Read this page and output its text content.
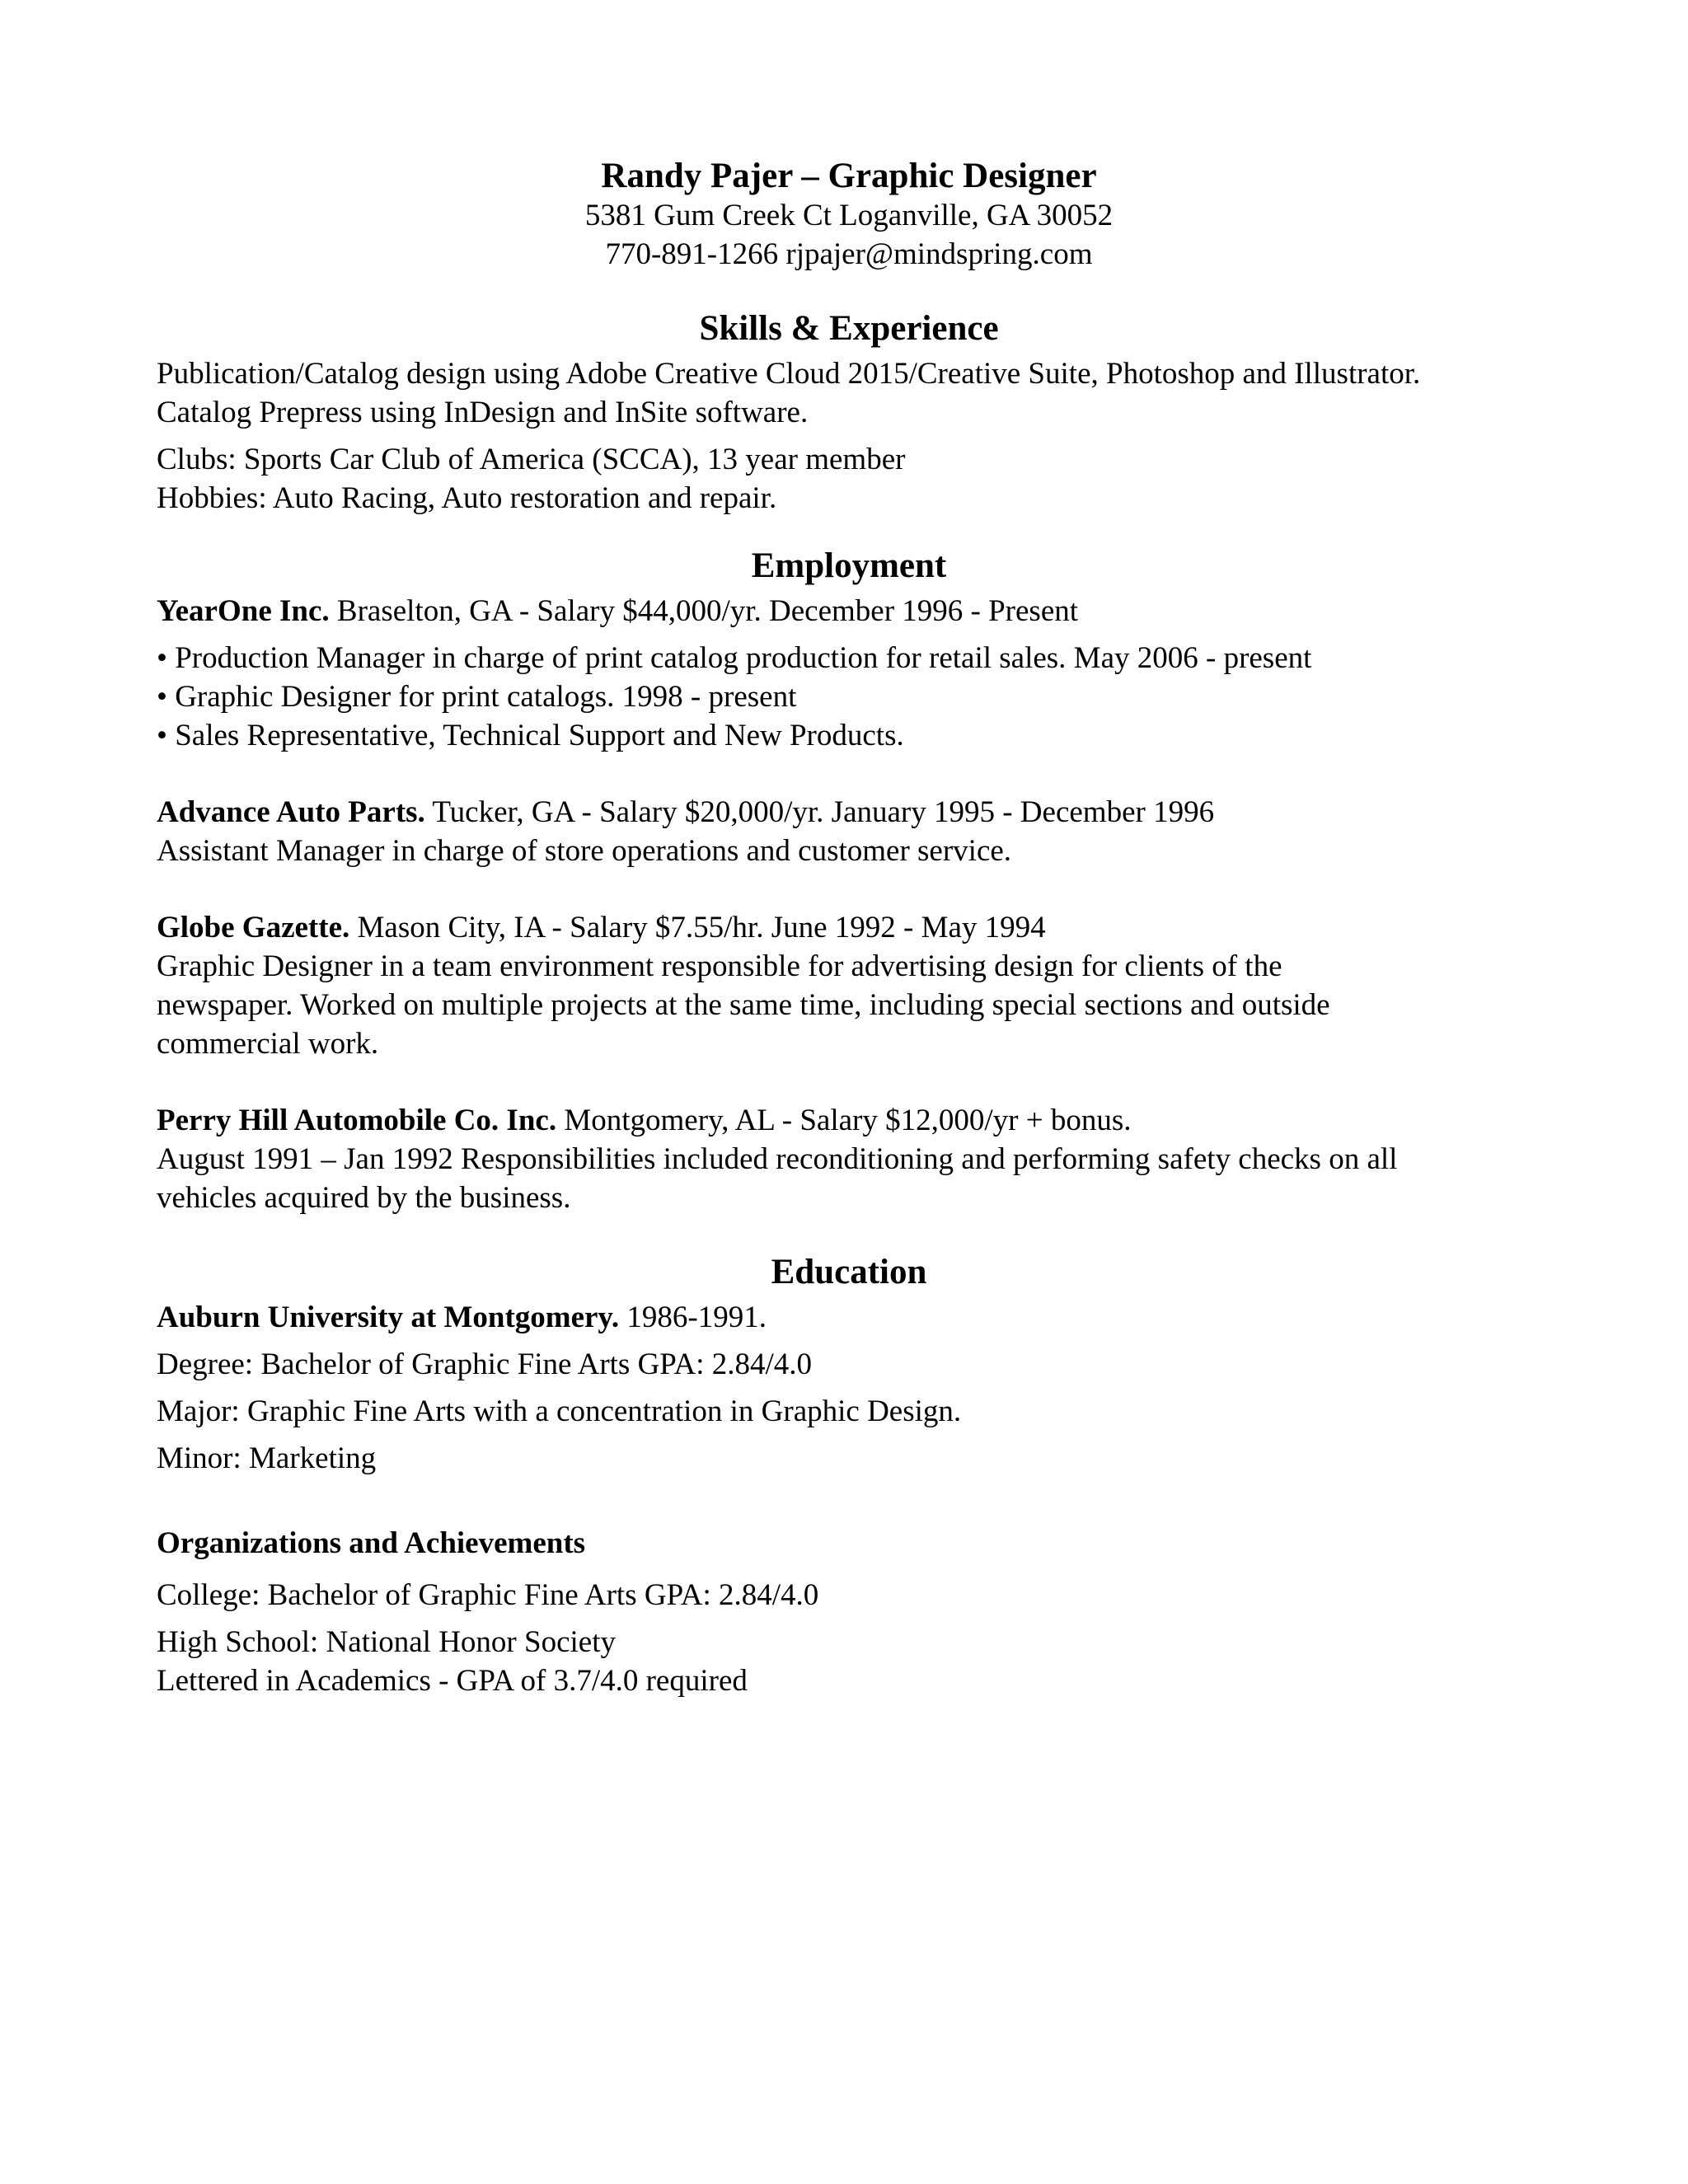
Randy Pajer – Graphic Designer

5381 Gum Creek Ct Loganville, GA 30052

770-891-1266 rjpajer@mindspring.com

Skills & Experience

Publication/Catalog design using Adobe Creative Cloud 2015/Creative Suite, Photoshop and Illustrator.

Catalog Prepress using InDesign and InSite software.

Clubs: Sports Car Club of America (SCCA), 13 year member

Hobbies: Auto Racing, Auto restoration and repair.

Employment

YearOne Inc. Braselton, GA - Salary $44,000/yr. December 1996 - Present

• Production Manager in charge of print catalog production for retail sales. May 2006 - present

• Graphic Designer for print catalogs. 1998 - present

• Sales Representative, Technical Support and New Products.

Advance Auto Parts. Tucker, GA - Salary $20,000/yr. January 1995 - December 1996

Assistant Manager in charge of store operations and customer service.

Globe Gazette. Mason City, IA - Salary $7.55/hr. June 1992 - May 1994

Graphic Designer in a team environment responsible for advertising design for clients of the

newspaper. Worked on multiple projects at the same time, including special sections and outside

commercial work.

Perry Hill Automobile Co. Inc. Montgomery, AL - Salary $12,000/yr + bonus.

August 1991 – Jan 1992 Responsibilities included reconditioning and performing safety checks on all

vehicles acquired by the business.

Education

Auburn University at Montgomery. 1986-1991.

Degree: Bachelor of Graphic Fine Arts GPA: 2.84/4.0

Major: Graphic Fine Arts with a concentration in Graphic Design.

Minor: Marketing

Organizations and Achievements

College: Bachelor of Graphic Fine Arts GPA: 2.84/4.0

High School: National Honor Society

Lettered in Academics - GPA of 3.7/4.0 required
